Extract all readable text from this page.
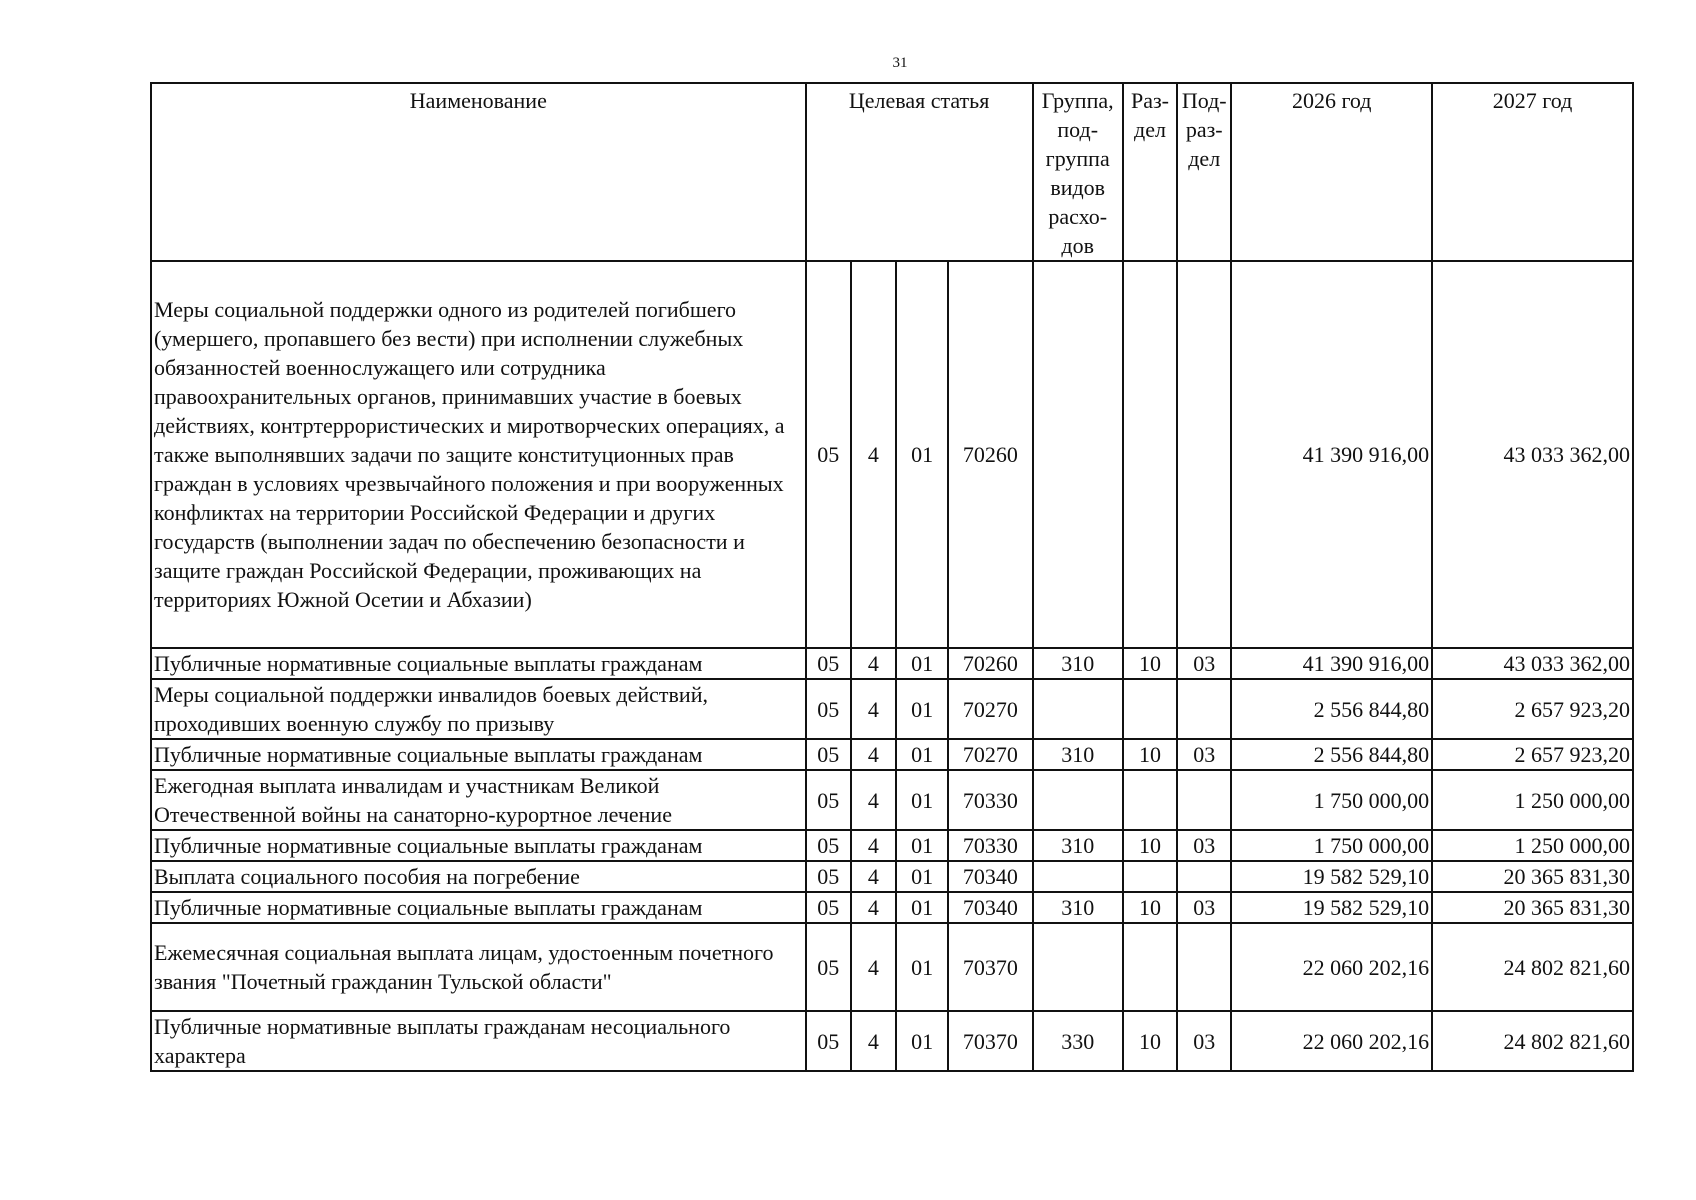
31
Наименование	Целевая статья				Группа, под-группа видов расхо-дов	Раз-дел	Под-раз-дел	2026 год	2027 год
Меры социальной поддержки одного из родителей погибшего (умершего, пропавшего без вести) при исполнении служебных обязанностей военнослужащего или сотрудника правоохранительных органов, принимавших участие в боевых действиях, контртеррористических и миротворческих операциях, а также выполнявших задачи по защите конституционных прав граждан в условиях чрезвычайного положения и при вооруженных конфликтах на территории Российской Федерации и других государств (выполнении задач по обеспечению безопасности и защите граждан Российской Федерации, проживающих на территориях Южной Осетии и Абхазии)	05	4	01	70260				41 390 916,00	43 033 362,00
Публичные нормативные социальные выплаты гражданам	05	4	01	70260	310	10	03	41 390 916,00	43 033 362,00
Меры социальной поддержки инвалидов боевых действий, проходивших военную службу по призыву	05	4	01	70270				2 556 844,80	2 657 923,20
Публичные нормативные социальные выплаты гражданам	05	4	01	70270	310	10	03	2 556 844,80	2 657 923,20
Ежегодная выплата инвалидам и участникам Великой Отечественной войны на санаторно-курортное лечение	05	4	01	70330				1 750 000,00	1 250 000,00
Публичные нормативные социальные выплаты гражданам	05	4	01	70330	310	10	03	1 750 000,00	1 250 000,00
Выплата социального пособия на погребение	05	4	01	70340				19 582 529,10	20 365 831,30
Публичные нормативные социальные выплаты гражданам	05	4	01	70340	310	10	03	19 582 529,10	20 365 831,30
Ежемесячная социальная выплата лицам, удостоенным почетного звания "Почетный гражданин Тульской области"	05	4	01	70370				22 060 202,16	24 802 821,60
Публичные нормативные выплаты гражданам несоциального характера	05	4	01	70370	330	10	03	22 060 202,16	24 802 821,60
